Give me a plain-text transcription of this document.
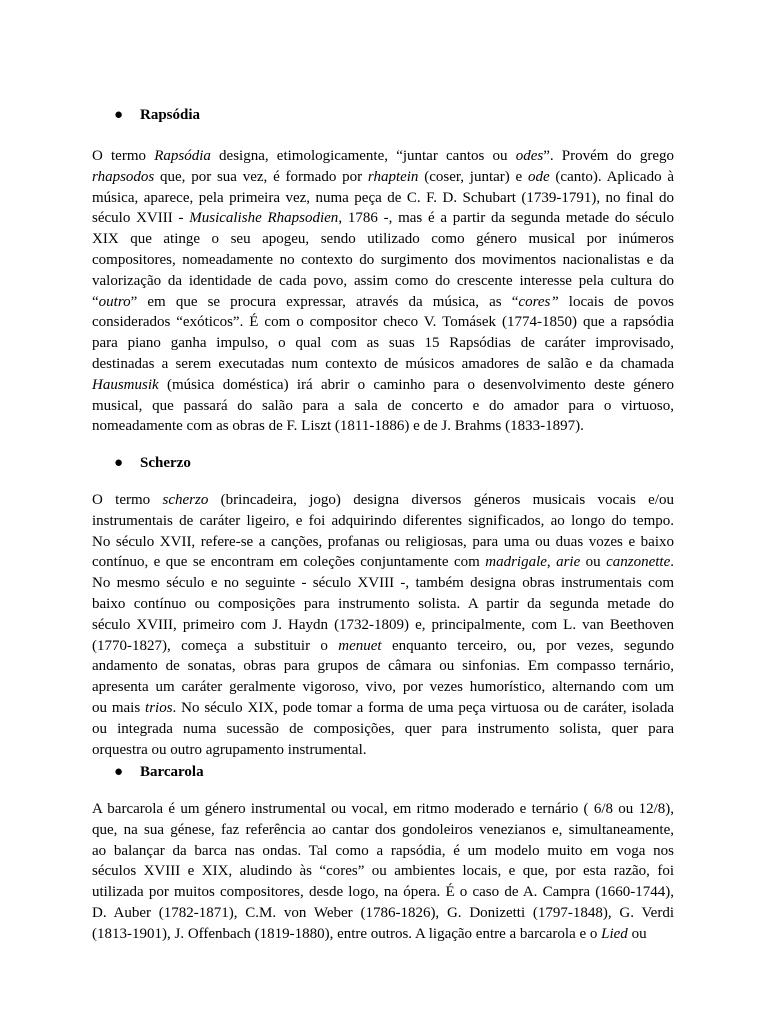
● Rapsódia
O termo Rapsódia designa, etimologicamente, “juntar cantos ou odes”. Provém do grego
rhapsodos que, por sua vez, é formado por rhaptein (coser, juntar) e ode (canto). Aplicado à
música, aparece, pela primeira vez, numa peça de C. F. D. Schubart (1739-1791), no final do
século XVIII - Musicalishe Rhapsodien, 1786 -, mas é a partir da segunda metade do século
XIX que atinge o seu apogeu, sendo utilizado como género musical por inúmeros
compositores, nomeadamente no contexto do surgimento dos movimentos nacionalistas e da
valorização da identidade de cada povo, assim como do crescente interesse pela cultura do
“outro” em que se procura expressar, através da música, as “cores” locais de povos
considerados “exóticos”. É com o compositor checo V. Tomásek (1774-1850) que a rapsódia
para piano ganha impulso, o qual com as suas 15 Rapsódias de caráter improvisado,
destinadas a serem executadas num contexto de músicos amadores de salão e da chamada
Hausmusik (música doméstica) irá abrir o caminho para o desenvolvimento deste género
musical, que passará do salão para a sala de concerto e do amador para o virtuoso,
nomeadamente com as obras de F. Liszt (1811-1886) e de J. Brahms (1833-1897).
● Scherzo
O termo scherzo (brincadeira, jogo) designa diversos géneros musicais vocais e/ou
instrumentais de caráter ligeiro, e foi adquirindo diferentes significados, ao longo do tempo.
No século XVII, refere-se a canções, profanas ou religiosas, para uma ou duas vozes e baixo
contínuo, e que se encontram em coleções conjuntamente com madrigale, arie ou canzonette.
No mesmo século e no seguinte - século XVIII -, também designa obras instrumentais com
baixo contínuo ou composições para instrumento solista. A partir da segunda metade do
século XVIII, primeiro com J. Haydn (1732-1809) e, principalmente, com L. van Beethoven
(1770-1827), começa a substituir o menuet enquanto terceiro, ou, por vezes, segundo
andamento de sonatas, obras para grupos de câmara ou sinfonias. Em compasso ternário,
apresenta um caráter geralmente vigoroso, vivo, por vezes humorístico, alternando com um
ou mais trios. No século XIX, pode tomar a forma de uma peça virtuosa ou de caráter, isolada
ou integrada numa sucessão de composições, quer para instrumento solista, quer para
orquestra ou outro agrupamento instrumental.
● Barcarola
A barcarola é um género instrumental ou vocal, em ritmo moderado e ternário ( 6/8 ou 12/8),
que, na sua génese, faz referência ao cantar dos gondoleiros venezianos e, simultaneamente,
ao balançar da barca nas ondas. Tal como a rapsódia, é um modelo muito em voga nos
séculos XVIII e XIX, aludindo às “cores” ou ambientes locais, e que, por esta razão, foi
utilizada por muitos compositores, desde logo, na ópera. É o caso de A. Campra (1660-1744),
D. Auber (1782-1871), C.M. von Weber (1786-1826), G. Donizetti (1797-1848), G. Verdi
(1813-1901), J. Offenbach (1819-1880), entre outros. A ligação entre a barcarola e o Lied ou
